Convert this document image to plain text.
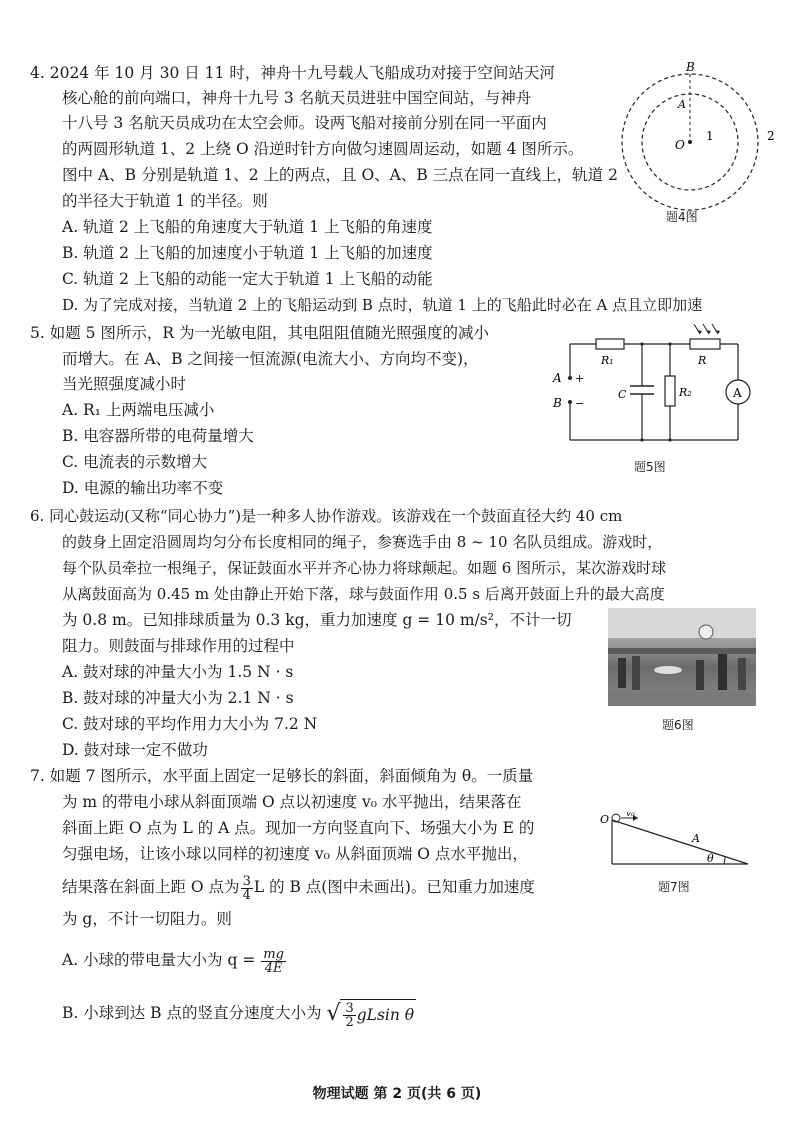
4. 2024 年 10 月 30 日 11 时，神舟十九号载人飞船成功对接于空间站天河
核心舱的前向端口，神舟十九号 3 名航天员进驻中国空间站，与神舟
十八号 3 名航天员成功在太空会师。设两飞船对接前分别在同一平面内
的两圆形轨道 1、2 上绕 O 沿逆时针方向做匀速圆周运动，如题 4 图所示。
图中 A、B 分别是轨道 1、2 上的两点，且 O、A、B 三点在同一直线上，轨道 2
的半径大于轨道 1 的半径。则
A. 轨道 2 上飞船的角速度大于轨道 1 上飞船的角速度
B. 轨道 2 上飞船的加速度小于轨道 1 上飞船的加速度
C. 轨道 2 上飞船的动能一定大于轨道 1 上飞船的动能
D. 为了完成对接，当轨道 2 上的飞船运动到 B 点时，轨道 1 上的飞船此时必在 A 点且立即加速
B
A
O
1	2
题4图
5. 如题 5 图所示，R 为一光敏电阻，其电阻阻值随光照强度的减小
而增大。在 A、B 之间接一恒流源(电流大小、方向均不变)，
当光照强度减小时
A. R₁ 上两端电压减小
B. 电容器所带的电荷量增大
C. 电流表的示数增大
D. 电源的输出功率不变
A
R₁	R
A
B
+
−
C	R₂
题5图
6. 同心鼓运动(又称“同心协力”)是一种多人协作游戏。该游戏在一个鼓面直径大约 40 cm
的鼓身上固定沿圆周均匀分布长度相同的绳子，参赛选手由 8 ~ 10 名队员组成。游戏时，
每个队员牵拉一根绳子，保证鼓面水平并齐心协力将球颠起。如题 6 图所示，某次游戏时球
从离鼓面高为 0.45 m 处由静止开始下落，球与鼓面作用 0.5 s 后离开鼓面上升的最大高度
为 0.8 m。已知排球质量为 0.3 kg，重力加速度 g = 10 m/s²，不计一切
阻力。则鼓面与排球作用的过程中
A. 鼓对球的冲量大小为 1.5 N · s
B. 鼓对球的冲量大小为 2.1 N · s
C. 鼓对球的平均作用力大小为 7.2 N
D. 鼓对球一定不做功
题6图
7. 如题 7 图所示，水平面上固定一足够长的斜面，斜面倾角为 θ。一质量
为 m 的带电小球从斜面顶端 O 点以初速度 v₀ 水平抛出，结果落在
斜面上距 O 点为 L 的 A 点。现加一方向竖直向下、场强大小为 E 的
匀强电场，让该小球以同样的初速度 v₀ 从斜面顶端 O 点水平抛出，
结果落在斜面上距 O 点为 $\frac{3}{4}$ L 的 B 点(图中未画出)。已知重力加速度
为 g，不计一切阻力。则
A. 小球的带电量大小为 $q = \frac{mg}{4E}$
B. 小球到达 B 点的竖直分速度大小为 √ $\frac{3}{2}$ gLsin θ
O v₀
A
θ
题7图
物理试题 第 2 页(共 6 页)
